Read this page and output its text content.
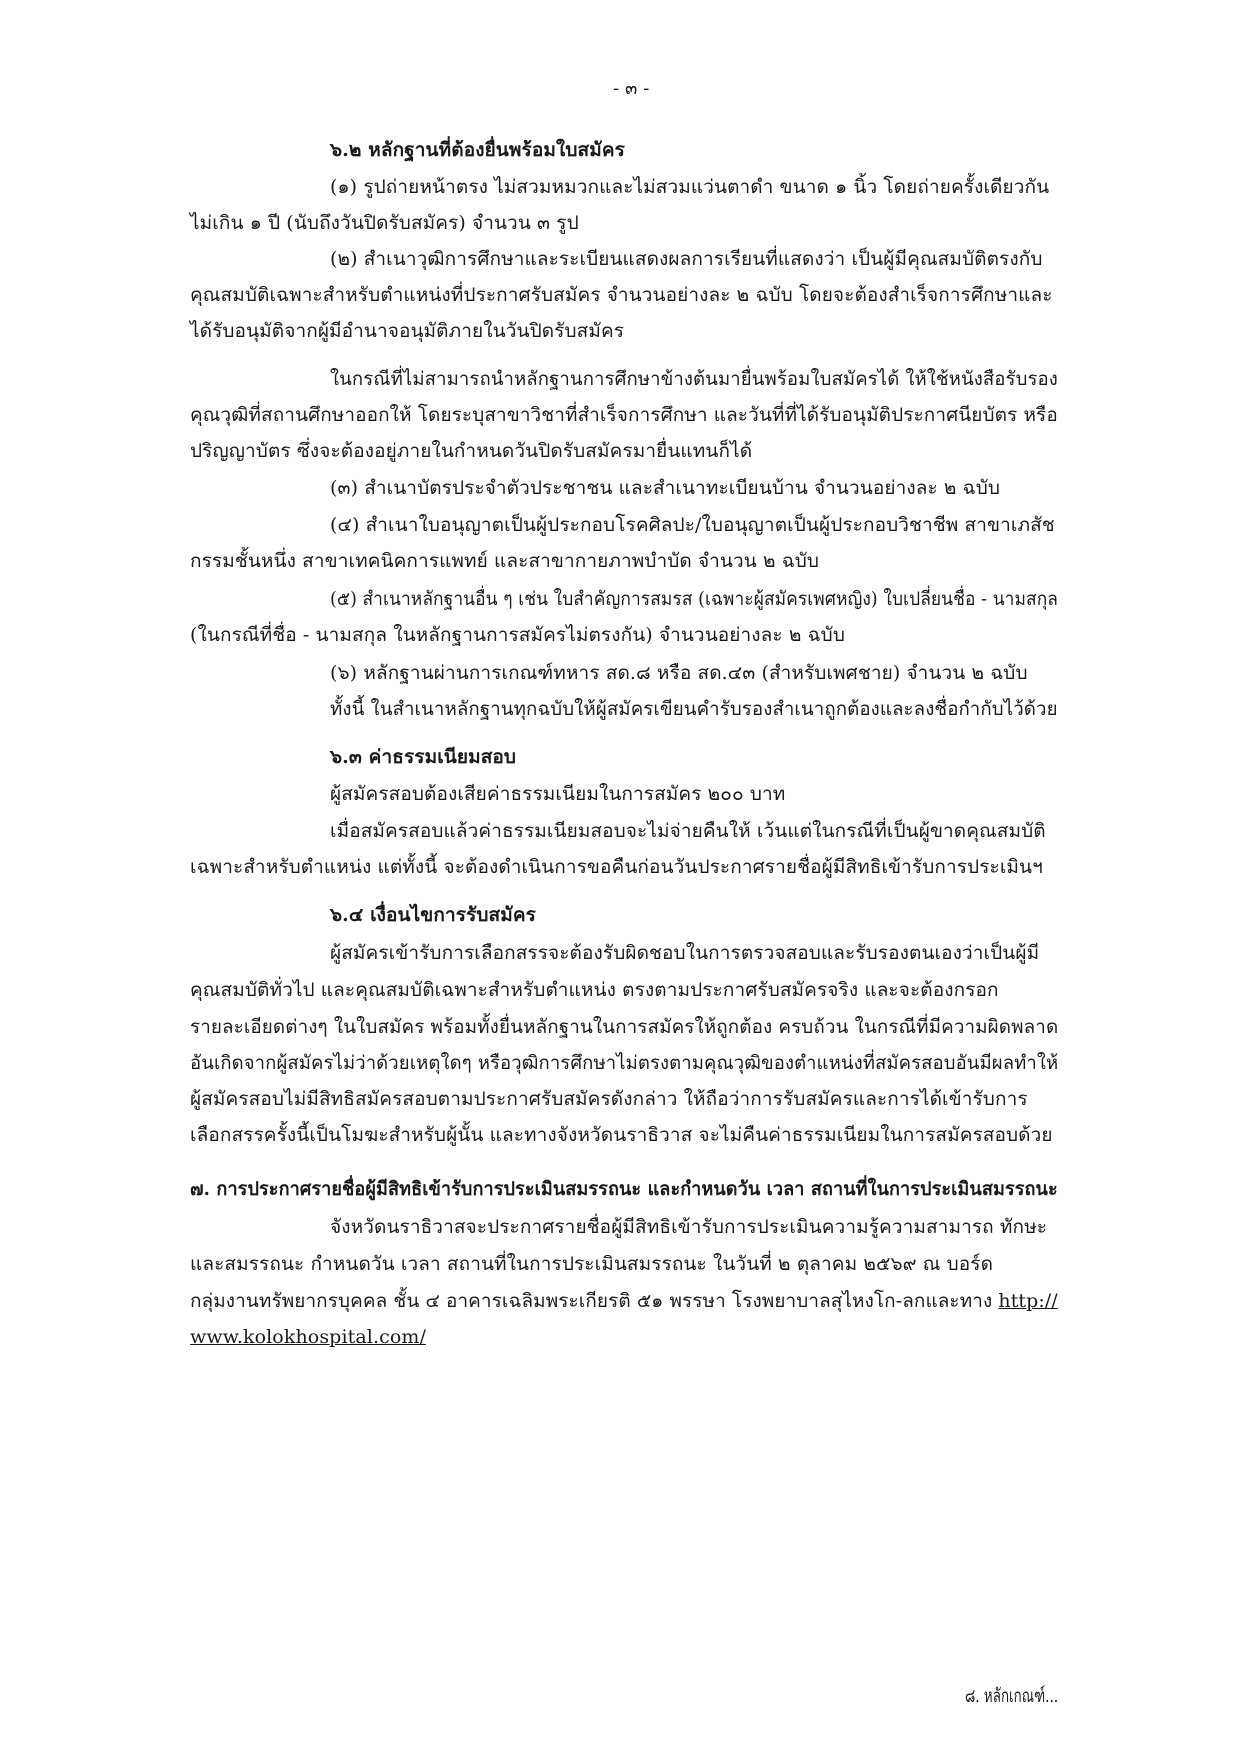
- ๓ -
๖.๒ หลักฐานที่ต้องยื่นพร้อมใบสมัคร
(๑) รูปถ่ายหน้าตรง ไม่สวมหมวกและไม่สวมแว่นตาดำ ขนาด ๑ นิ้ว โดยถ่ายครั้งเดียวกัน
ไม่เกิน ๑ ปี (นับถึงวันปิดรับสมัคร) จำนวน ๓ รูป
(๒) สำเนาวุฒิการศึกษาและระเบียนแสดงผลการเรียนที่แสดงว่า เป็นผู้มีคุณสมบัติตรงกับ
คุณสมบัติเฉพาะสำหรับตำแหน่งที่ประกาศรับสมัคร จำนวนอย่างละ ๒ ฉบับ โดยจะต้องสำเร็จการศึกษาและ
ได้รับอนุมัติจากผู้มีอำนาจอนุมัติภายในวันปิดรับสมัคร
ในกรณีที่ไม่สามารถนำหลักฐานการศึกษาข้างต้นมายื่นพร้อมใบสมัครได้ ให้ใช้หนังสือรับรอง
คุณวุฒิที่สถานศึกษาออกให้ โดยระบุสาขาวิชาที่สำเร็จการศึกษา และวันที่ที่ได้รับอนุมัติประกาศนียบัตร หรือ
ปริญญาบัตร ซึ่งจะต้องอยู่ภายในกำหนดวันปิดรับสมัครมายื่นแทนก็ได้
(๓) สำเนาบัตรประจำตัวประชาชน และสำเนาทะเบียนบ้าน จำนวนอย่างละ ๒ ฉบับ
(๔) สำเนาใบอนุญาตเป็นผู้ประกอบโรคศิลปะ/ใบอนุญาตเป็นผู้ประกอบวิชาชีพ สาขาเภสัช
กรรมชั้นหนึ่ง สาขาเทคนิคการแพทย์ และสาขากายภาพบำบัด จำนวน ๒ ฉบับ
(๕) สำเนาหลักฐานอื่น ๆ เช่น ใบสำคัญการสมรส (เฉพาะผู้สมัครเพศหญิง) ใบเปลี่ยนชื่อ - นามสกุล
(ในกรณีที่ชื่อ - นามสกุล ในหลักฐานการสมัครไม่ตรงกัน) จำนวนอย่างละ ๒ ฉบับ
(๖) หลักฐานผ่านการเกณฑ์ทหาร สด.๘ หรือ สด.๔๓ (สำหรับเพศชาย) จำนวน ๒ ฉบับ
ทั้งนี้ ในสำเนาหลักฐานทุกฉบับให้ผู้สมัครเขียนคำรับรองสำเนาถูกต้องและลงชื่อกำกับไว้ด้วย
๖.๓ ค่าธรรมเนียมสอบ
ผู้สมัครสอบต้องเสียค่าธรรมเนียมในการสมัคร ๒๐๐ บาท
เมื่อสมัครสอบแล้วค่าธรรมเนียมสอบจะไม่จ่ายคืนให้ เว้นแต่ในกรณีที่เป็นผู้ขาดคุณสมบัติ
เฉพาะสำหรับตำแหน่ง แต่ทั้งนี้ จะต้องดำเนินการขอคืนก่อนวันประกาศรายชื่อผู้มีสิทธิเข้ารับการประเมินฯ
๖.๔ เงื่อนไขการรับสมัคร
ผู้สมัครเข้ารับการเลือกสรรจะต้องรับผิดชอบในการตรวจสอบและรับรองตนเองว่าเป็นผู้มี
คุณสมบัติทั่วไป และคุณสมบัติเฉพาะสำหรับตำแหน่ง ตรงตามประกาศรับสมัครจริง และจะต้องกรอก
รายละเอียดต่างๆ ในใบสมัคร พร้อมทั้งยื่นหลักฐานในการสมัครให้ถูกต้อง ครบถ้วน ในกรณีที่มีความผิดพลาด
อันเกิดจากผู้สมัครไม่ว่าด้วยเหตุใดๆ หรือวุฒิการศึกษาไม่ตรงตามคุณวุฒิของตำแหน่งที่สมัครสอบอันมีผลทำให้
ผู้สมัครสอบไม่มีสิทธิสมัครสอบตามประกาศรับสมัครดังกล่าว ให้ถือว่าการรับสมัครและการได้เข้ารับการ
เลือกสรรครั้งนี้เป็นโมฆะสำหรับผู้นั้น และทางจังหวัดนราธิวาส จะไม่คืนค่าธรรมเนียมในการสมัครสอบด้วย
๗. การประกาศรายชื่อผู้มีสิทธิเข้ารับการประเมินสมรรถนะ และกำหนดวัน เวลา สถานที่ในการประเมินสมรรถนะ
จังหวัดนราธิวาสจะประกาศรายชื่อผู้มีสิทธิเข้ารับการประเมินความรู้ความสามารถ ทักษะ
และสมรรถนะ กำหนดวัน เวลา สถานที่ในการประเมินสมรรถนะ ในวันที่ ๒ ตุลาคม ๒๕๖๙ ณ บอร์ด
กลุ่มงานทรัพยากรบุคคล ชั้น ๔ อาคารเฉลิมพระเกียรติ ๕๑ พรรษา โรงพยาบาลสุไหงโก-ลกและทาง http://
www.kolokhospital.com/
๘. หลักเกณฑ์...
